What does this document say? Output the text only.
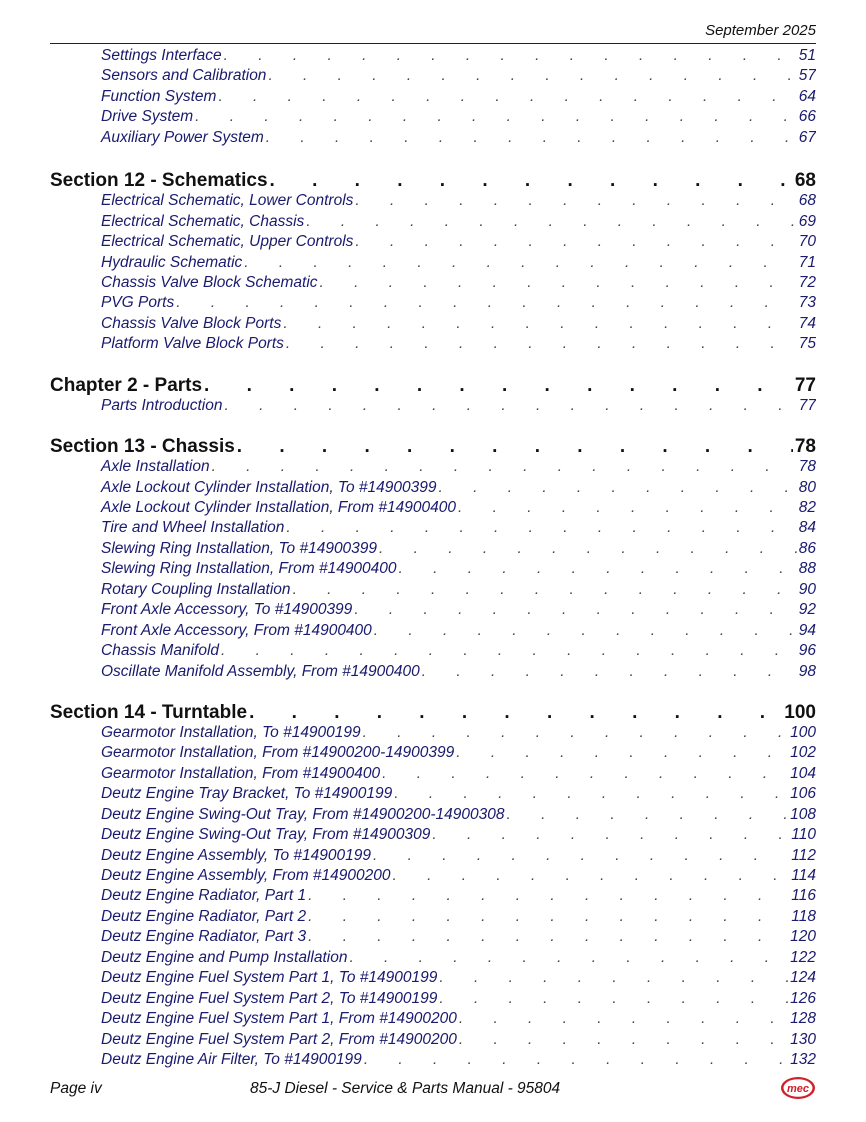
September 2025
Settings Interface . . .	51
Sensors and Calibration . . .	57
Function System . . .	64
Drive System . . .	66
Auxiliary Power System . . .	67
Section 12 - Schematics . . .	68
Electrical Schematic, Lower Controls . . .	68
Electrical Schematic, Chassis . . .	69
Electrical Schematic, Upper Controls . . .	70
Hydraulic Schematic . . .	71
Chassis Valve Block Schematic . . .	72
PVG Ports . . .	73
Chassis Valve Block Ports . . .	74
Platform Valve Block Ports . . .	75
Chapter 2 - Parts . . .	77
Parts Introduction . . .	77
Section 13 - Chassis . . .	78
Axle Installation . . .	78
Axle Lockout Cylinder Installation, To #14900399 . . .	80
Axle Lockout Cylinder Installation, From #14900400 . . .	82
Tire and Wheel Installation . . .	84
Slewing Ring Installation, To #14900399 . . .	86
Slewing Ring Installation, From #14900400 . . .	88
Rotary Coupling Installation . . .	90
Front Axle Accessory, To #14900399 . . .	92
Front Axle Accessory, From #14900400 . . .	94
Chassis Manifold . . .	96
Oscillate Manifold Assembly, From #14900400 . . .	98
Section 14 - Turntable . . .	100
Gearmotor Installation, To #14900199 . . .	100
Gearmotor Installation, From #14900200-14900399 . . .	102
Gearmotor Installation, From #14900400 . . .	104
Deutz Engine Tray Bracket, To #14900199 . . .	106
Deutz Engine Swing-Out Tray, From #14900200-14900308 . . .	108
Deutz Engine Swing-Out Tray, From #14900309 . . .	110
Deutz Engine Assembly, To #14900199 . . .	112
Deutz Engine Assembly, From #14900200 . . .	114
Deutz Engine Radiator, Part 1 . . .	116
Deutz Engine Radiator, Part 2 . . .	118
Deutz Engine Radiator, Part 3 . . .	120
Deutz Engine and Pump Installation . . .	122
Deutz Engine Fuel System Part 1, To #14900199 . . .	124
Deutz Engine Fuel System Part 2, To #14900199 . . .	126
Deutz Engine Fuel System Part 1, From #14900200 . . .	128
Deutz Engine Fuel System Part 2, From #14900200 . . .	130
Deutz Engine Air Filter, To #14900199 . . .	132
Page iv	85-J Diesel - Service & Parts Manual - 95804	mec
